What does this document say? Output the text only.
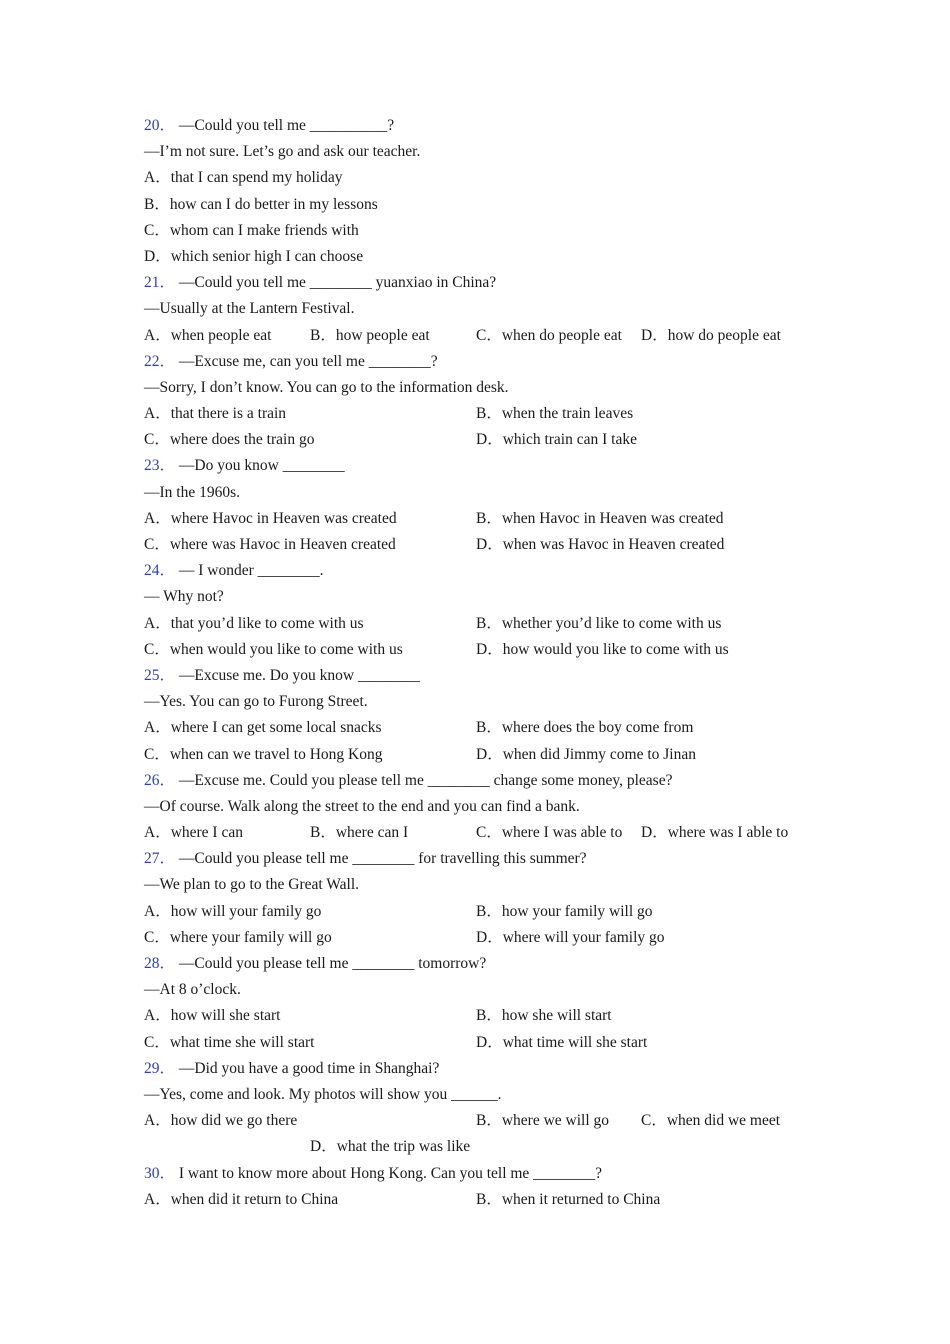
20． —Could you tell me __________?
—I’m not sure. Let’s go and ask our teacher.
A．that I can spend my holiday
B．how can I do better in my lessons
C．whom can I make friends with
D．which senior high I can choose
21． —Could you tell me ________ yuanxiao in China?
—Usually at the Lantern Festival.
A．when people eat B．how people eat	C．when do people eat D．how do people eat
22． —Excuse me, can you tell me ________?
—Sorry, I don’t know. You can go to the information desk.
A．that there is a train	B．when the train leaves
C．where does the train go	D．which train can I take
23． —Do you know ________
—In the 1960s.
A．where Havoc in Heaven was created	B．when Havoc in Heaven was created
C．where was Havoc in Heaven created	D．when was Havoc in Heaven created
24． — I wonder ________.
— Why not?
A．that you’d like to come with us	B．whether you’d like to come with us
C．when would you like to come with us	D．how would you like to come with us
25． —Excuse me. Do you know ________
—Yes. You can go to Furong Street.
A．where I can get some local snacks	B．where does the boy come from
C．when can we travel to Hong Kong	D．when did Jimmy come to Jinan
26． —Excuse me. Could you please tell me ________ change some money, please?
—Of course. Walk along the street to the end and you can find a bank.
A．where I can	B．where can I	C．where I was able to D．where was I able to
27． —Could you please tell me ________ for travelling this summer?
—We plan to go to the Great Wall.
A．how will your family go	B．how your family will go
C．where your family will go	D．where will your family go
28． —Could you please tell me ________ tomorrow?
—At 8 o’clock.
A．how will she start	B．how she will start
C．what time she will start	D．what time will she start
29． —Did you have a good time in Shanghai?
—Yes, come and look. My photos will show you ______.
A．how did we go there	B．where we will go C．when did we meet
D．what the trip was like
30． I want to know more about Hong Kong. Can you tell me ________?
A．when did it return to China	B．when it returned to China
